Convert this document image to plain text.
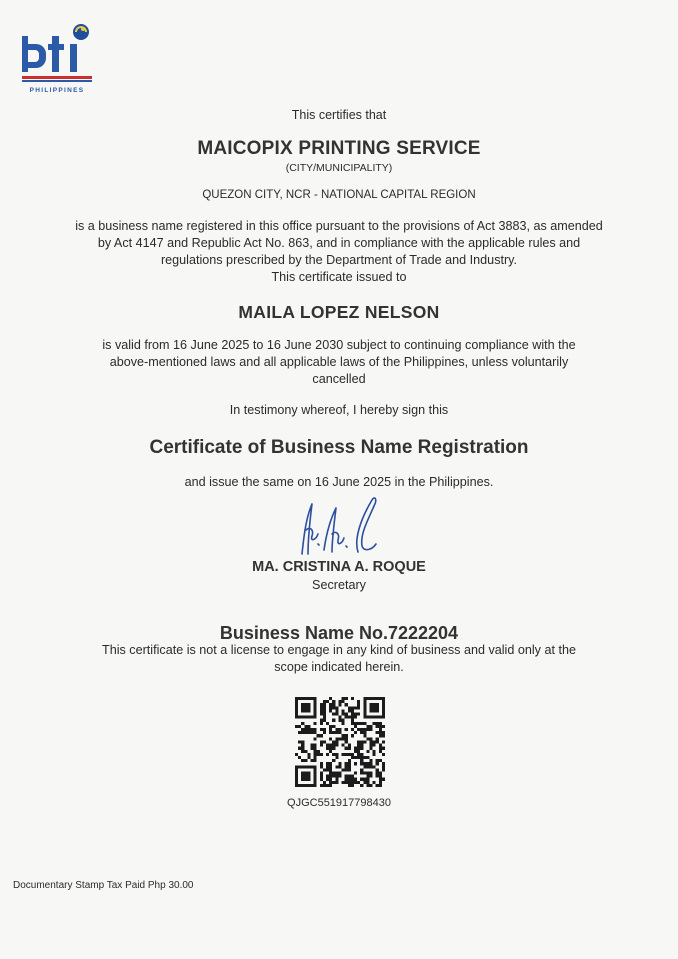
PHILIPPINES
This certifies that
MAICOPIX PRINTING SERVICE
(CITY/MUNICIPALITY)
QUEZON CITY, NCR - NATIONAL CAPITAL REGION
is a business name registered in this office pursuant to the provisions of Act 3883, as amended
by Act 4147 and Republic Act No. 863, and in compliance with the applicable rules and
regulations prescribed by the Department of Trade and Industry.
This certificate issued to
MAILA LOPEZ NELSON
is valid from 16 June 2025 to 16 June 2030 subject to continuing compliance with the
above-mentioned laws and all applicable laws of the Philippines, unless voluntarily
cancelled
In testimony whereof, I hereby sign this
Certificate of Business Name Registration
and issue the same on 16 June 2025 in the Philippines.
MA. CRISTINA A. ROQUE
Secretary
Business Name No.7222204
This certificate is not a license to engage in any kind of business and valid only at the
scope indicated herein.
QJGC551917798430
Documentary Stamp Tax Paid Php 30.00
